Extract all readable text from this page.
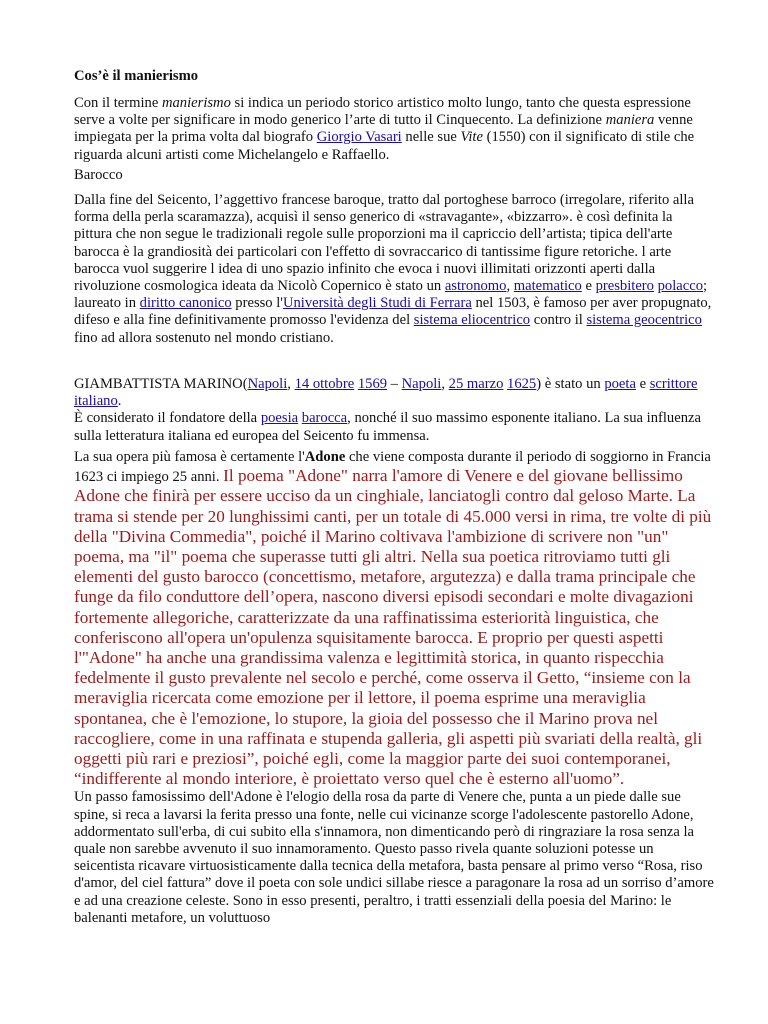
Cos’è il manierismo

Con il termine manierismo si indica un periodo storico artistico molto lungo, tanto che questa espressione serve a volte per significare in modo generico l’arte di tutto il Cinquecento. La definizione maniera venne impiegata per la prima volta dal biografo Giorgio Vasari nelle sue Vite (1550) con il significato di stile che riguarda alcuni artisti come Michelangelo e Raffaello.

Barocco

Dalla fine del Seicento, l’aggettivo francese baroque, tratto dal portoghese barroco (irregolare, riferito alla forma della perla scaramazza), acquisì il senso generico di «stravagante», «bizzarro». è così definita la pittura che non segue le tradizionali regole sulle proporzioni ma il capriccio dell’artista; tipica dell'arte barocca è la grandiosità dei particolari con l'effetto di sovraccarico di tantissime figure retoriche. l arte barocca vuol suggerire l idea di uno spazio infinito che evoca i nuovi illimitati orizzonti aperti dalla rivoluzione cosmologica ideata da Nicolò Copernico è stato un astronomo, matematico e presbitero polacco; laureato in diritto canonico presso l'Università degli Studi di Ferrara nel 1503, è famoso per aver propugnato, difeso e alla fine definitivamente promosso l'evidenza del sistema eliocentrico contro il sistema geocentrico fino ad allora sostenuto nel mondo cristiano.

GIAMBATTISTA MARINO(Napoli, 14 ottobre 1569 – Napoli, 25 marzo 1625) è stato un poeta e scrittore italiano.
È considerato il fondatore della poesia barocca, nonché il suo massimo esponente italiano. La sua influenza sulla letteratura italiana ed europea del Seicento fu immensa.

La sua opera più famosa è certamente l'Adone che viene composta durante il periodo di soggiorno in Francia 1623 ci impiego 25 anni. Il poema "Adone" narra l'amore di Venere e del giovane bellissimo Adone che finirà per essere ucciso da un cinghiale, lanciatogli contro dal geloso Marte. La trama si stende per 20 lunghissimi canti, per un totale di 45.000 versi in rima, tre volte di più della "Divina Commedia", poiché il Marino coltivava l'ambizione di scrivere non "un" poema, ma "il" poema che superasse tutti gli altri. Nella sua poetica ritroviamo tutti gli elementi del gusto barocco (concettismo, metafore, argutezza) e dalla trama principale che funge da filo conduttore dell’opera, nascono diversi episodi secondari e molte divagazioni fortemente allegoriche, caratterizzate da una raffinatissima esteriorità linguistica, che conferiscono all'opera un'opulenza squisitamente barocca. E proprio per questi aspetti l'"Adone" ha anche una grandissima valenza e legittimità storica, in quanto rispecchia fedelmente il gusto prevalente nel secolo e perché, come osserva il Getto, “insieme con la meraviglia ricercata come emozione per il lettore, il poema esprime una meraviglia spontanea, che è l'emozione, lo stupore, la gioia del possesso che il Marino prova nel raccogliere, come in una raffinata e stupenda galleria, gli aspetti più svariati della realtà, gli oggetti più rari e preziosi”, poiché egli, come la maggior parte dei suoi contemporanei, “indifferente al mondo interiore, è proiettato verso quel che è esterno all'uomo”.
Un passo famosissimo dell'Adone è l'elogio della rosa da parte di Venere che, punta a un piede dalle sue spine, si reca a lavarsi la ferita presso una fonte, nelle cui vicinanze scorge l'adolescente pastorello Adone, addormentato sull'erba, di cui subito ella s'innamora, non dimenticando però di ringraziare la rosa senza la quale non sarebbe avvenuto il suo innamoramento. Questo passo rivela quante soluzioni potesse un seicentista ricavare virtuosisticamente dalla tecnica della metafora, basta pensare al primo verso “Rosa, riso d'amor, del ciel fattura” dove il poeta con sole undici sillabe riesce a paragonare la rosa ad un sorriso d’amore e ad una creazione celeste. Sono in esso presenti, peraltro, i tratti essenziali della poesia del Marino: le balenanti metafore, un voluttuoso
